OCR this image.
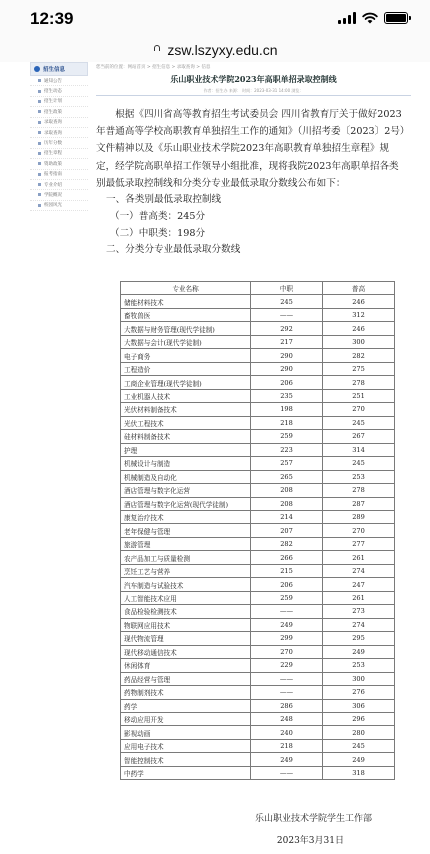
12:39
zsw.lszyxy.edu.cn
招生信息
通知公告
招生动态
招生计划
招生政策
录取查询
录取查询
历年分数
招生章程
资助政策
报考指南
专业介绍
学院概况
校园风光
您当前的位置：网站首页 > 招生信息 > 录取查询 > 信息
乐山职业技术学院2023年高职单招录取控制线
作者：招生办 来源： 时间：2023-03-31 14:00 浏览：

根据《四川省高等教育招生考试委员会 四川省教育厅关于做好2023年普通高等学校高职教育单独招生工作的通知》（川招考委〔2023〕2号）文件精神以及《乐山职业技术学院2023年高职教育单独招生章程》规定，经学院高职单招工作领导小组批准，现将我院2023年高职单招各类别最低录取控制线和分类分专业最低录取分数线公布如下：

一、各类别最低录取控制线

（一）普高类：245分

（二）中职类：198分

二、分类分专业最低录取分数线

专业名称	中职	普高
储能材料技术	245	246
畜牧兽医	——	312
大数据与财务管理(现代学徒制)	292	246
大数据与会计(现代学徒制)	217	300
电子商务	290	282
工程造价	290	275
工商企业管理(现代学徒制)	206	278
工业机器人技术	235	251
光伏材料制备技术	198	270
光伏工程技术	218	245
硅材料制备技术	259	267
护理	223	314
机械设计与制造	257	245
机械制造及自动化	265	253
酒店管理与数字化运营	208	278
酒店管理与数字化运营(现代学徒制)	208	287
康复治疗技术	214	289
老年保健与管理	207	270
旅游管理	282	277
农产品加工与质量检测	266	261
烹饪工艺与营养	215	274
汽车制造与试验技术	206	247
人工智能技术应用	259	261
食品检验检测技术	——	273
物联网应用技术	249	274
现代物流管理	299	295
现代移动通信技术	270	249
休闲体育	229	253
药品经营与管理	——	300
药物制剂技术	——	276
药学	286	306
移动应用开发	248	296
影视动画	240	280
应用电子技术	218	245
智能控制技术	249	249
中药学	——	318
乐山职业技术学院学生工作部
2023年3月31日
